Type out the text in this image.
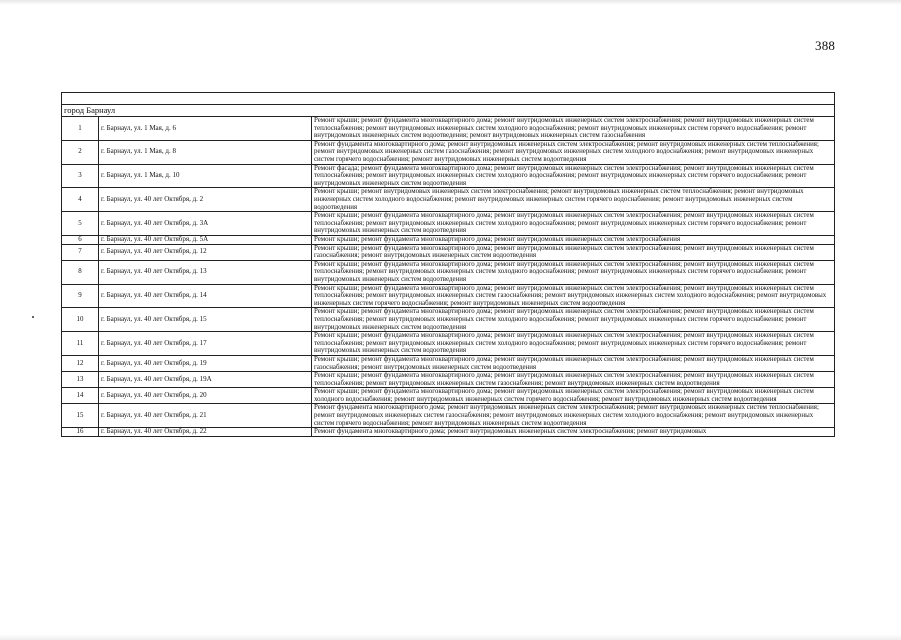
388

город Барнаул		
1	г. Барнаул, ул. 1 Мая, д. 6	Ремонт крыши; ремонт фундамента многоквартирного дома; ремонт внутридомовых инженерных систем электроснабжения; ремонт внутридомовых инженерных систем теплоснабжения; ремонт внутридомовых инженерных систем холодного водоснабжения; ремонт внутридомовых инженерных систем горячего водоснабжения; ремонт внутридомовых инженерных систем водоотведения; ремонт внутридомовых инженерных систем газоснабжения
2	г. Барнаул, ул. 1 Мая, д. 8	Ремонт фундамента многоквартирного дома; ремонт внутридомовых инженерных систем электроснабжения; ремонт внутридомовых инженерных систем теплоснабжения; ремонт внутридомовых инженерных систем газоснабжения; ремонт внутридомовых инженерных систем холодного водоснабжения; ремонт внутридомовых инженерных систем горячего водоснабжения; ремонт внутридомовых инженерных систем водоотведения
3	г. Барнаул, ул. 1 Мая, д. 10	Ремонт фасада; ремонт фундамента многоквартирного дома; ремонт внутридомовых инженерных систем электроснабжения; ремонт внутридомовых инженерных систем теплоснабжения; ремонт внутридомовых инженерных систем холодного водоснабжения; ремонт внутридомовых инженерных систем горячего водоснабжения; ремонт внутридомовых инженерных систем водоотведения
4	г. Барнаул, ул. 40 лет Октября, д. 2	Ремонт крыши; ремонт внутридомовых инженерных систем электроснабжения; ремонт внутридомовых инженерных систем теплоснабжения; ремонт внутридомовых инженерных систем холодного водоснабжения; ремонт внутридомовых инженерных систем горячего водоснабжения; ремонт внутридомовых инженерных систем водоотведения
5	г. Барнаул, ул. 40 лет Октября, д. 3А	Ремонт крыши; ремонт фундамента многоквартирного дома; ремонт внутридомовых инженерных систем электроснабжения; ремонт внутридомовых инженерных систем теплоснабжения; ремонт внутридомовых инженерных систем холодного водоснабжения; ремонт внутридомовых инженерных систем горячего водоснабжения; ремонт внутридомовых инженерных систем водоотведения
6	г. Барнаул, ул. 40 лет Октября, д. 5А	Ремонт крыши; ремонт фундамента многоквартирного дома; ремонт внутридомовых инженерных систем электроснабжения
7	г. Барнаул, ул. 40 лет Октября, д. 12	Ремонт крыши; ремонт фундамента многоквартирного дома; ремонт внутридомовых инженерных систем электроснабжения; ремонт внутридомовых инженерных систем газоснабжения; ремонт внутридомовых инженерных систем водоотведения
8	г. Барнаул, ул. 40 лет Октября, д. 13	Ремонт крыши; ремонт фундамента многоквартирного дома; ремонт внутридомовых инженерных систем электроснабжения; ремонт внутридомовых инженерных систем теплоснабжения; ремонт внутридомовых инженерных систем холодного водоснабжения; ремонт внутридомовых инженерных систем горячего водоснабжения; ремонт внутридомовых инженерных систем водоотведения
9	г. Барнаул, ул. 40 лет Октября, д. 14	Ремонт крыши; ремонт фундамента многоквартирного дома; ремонт внутридомовых инженерных систем электроснабжения; ремонт внутридомовых инженерных систем теплоснабжения; ремонт внутридомовых инженерных систем газоснабжения; ремонт внутридомовых инженерных систем холодного водоснабжения; ремонт внутридомовых инженерных систем горячего водоснабжения; ремонт внутридомовых инженерных систем водоотведения
10	г. Барнаул, ул. 40 лет Октября, д. 15	Ремонт крыши; ремонт фундамента многоквартирного дома; ремонт внутридомовых инженерных систем электроснабжения; ремонт внутридомовых инженерных систем теплоснабжения; ремонт внутридомовых инженерных систем холодного водоснабжения; ремонт внутридомовых инженерных систем горячего водоснабжения; ремонт внутридомовых инженерных систем водоотведения
11	г. Барнаул, ул. 40 лет Октября, д. 17	Ремонт крыши; ремонт фундамента многоквартирного дома; ремонт внутридомовых инженерных систем электроснабжения; ремонт внутридомовых инженерных систем теплоснабжения; ремонт внутридомовых инженерных систем холодного водоснабжения; ремонт внутридомовых инженерных систем горячего водоснабжения; ремонт внутридомовых инженерных систем водоотведения
12	г. Барнаул, ул. 40 лет Октября, д. 19	Ремонт крыши; ремонт фундамента многоквартирного дома; ремонт внутридомовых инженерных систем электроснабжения; ремонт внутридомовых инженерных систем газоснабжения; ремонт внутридомовых инженерных систем водоотведения
13	г. Барнаул, ул. 40 лет Октября, д. 19А	Ремонт крыши; ремонт фундамента многоквартирного дома; ремонт внутридомовых инженерных систем электроснабжения; ремонт внутридомовых инженерных систем теплоснабжения; ремонт внутридомовых инженерных систем газоснабжения; ремонт внутридомовых инженерных систем водоотведения
14	г. Барнаул, ул. 40 лет Октября, д. 20	Ремонт крыши; ремонт фундамента многоквартирного дома; ремонт внутридомовых инженерных систем электроснабжения; ремонт внутридомовых инженерных систем холодного водоснабжения; ремонт внутридомовых инженерных систем горячего водоснабжения; ремонт внутридомовых инженерных систем водоотведения
15	г. Барнаул, ул. 40 лет Октября, д. 21	Ремонт фундамента многоквартирного дома; ремонт внутридомовых инженерных систем электроснабжения; ремонт внутридомовых инженерных систем теплоснабжения; ремонт внутридомовых инженерных систем газоснабжения; ремонт внутридомовых инженерных систем холодного водоснабжения; ремонт внутридомовых инженерных систем горячего водоснабжения; ремонт внутридомовых инженерных систем водоотведения
16	г. Барнаул, ул. 40 лет Октября, д. 22	Ремонт фундамента многоквартирного дома; ремонт внутридомовых инженерных систем электроснабжения; ремонт внутридомовых
